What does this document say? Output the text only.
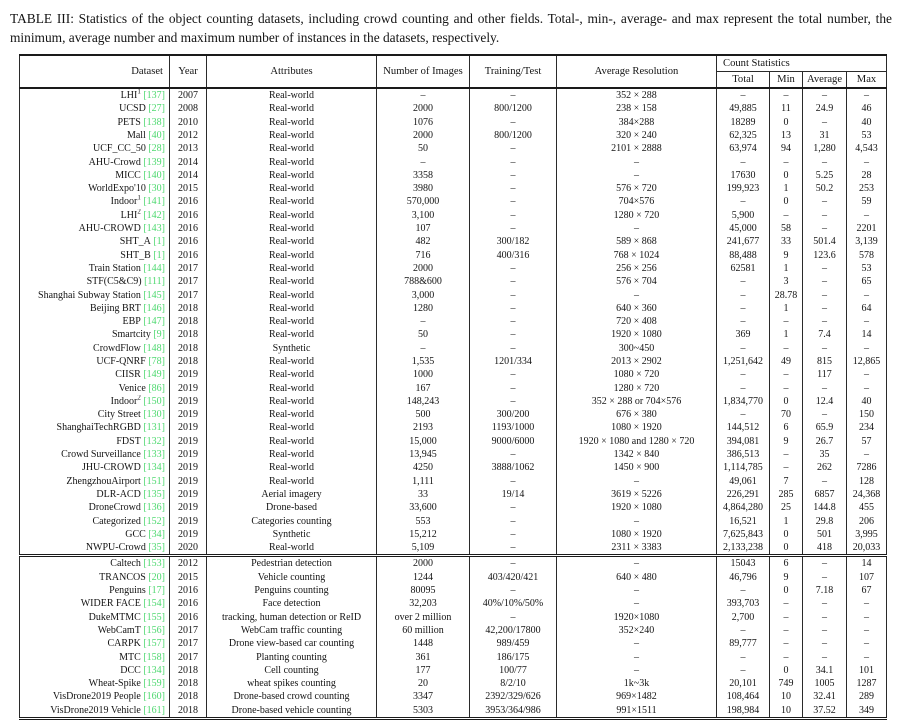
TABLE III: Statistics of the object counting datasets, including crowd counting and other fields. Total-, min-, average- and max represent the total number, the minimum, average number and maximum number of instances in the datasets, respectively.
Dataset	Year	Attributes	Number of Images	Training/Test	Average Resolution	Count Statistics			
						Total	Min	Average	Max
LHI$^1$ [137]	2007	Real-world	–	–	352 × 288	–	–	–	–
UCSD [27]	2008	Real-world	2000	800/1200	238 × 158	49,885	11	24.9	46
PETS [138]	2010	Real-world	1076	–	384×288	18289	0	–	40
Mall [40]	2012	Real-world	2000	800/1200	320 × 240	62,325	13	31	53
UCF_CC_50 [28]	2013	Real-world	50	–	2101 × 2888	63,974	94	1,280	4,543
AHU-Crowd [139]	2014	Real-world	–	–	–	–	–	–	–
MICC [140]	2014	Real-world	3358	–	–	17630	0	5.25	28
WorldExpo'10 [30]	2015	Real-world	3980	–	576 × 720	199,923	1	50.2	253
Indoor$^1$ [141]	2016	Real-world	570,000	–	704×576	–	0	–	59
LHI$^2$ [142]	2016	Real-world	3,100	–	1280 × 720	5,900	–	–	–
AHU-CROWD [143]	2016	Real-world	107	–	–	45,000	58	–	2201
SHT_A [1]	2016	Real-world	482	300/182	589 × 868	241,677	33	501.4	3,139
SHT_B [1]	2016	Real-world	716	400/316	768 × 1024	88,488	9	123.6	578
Train Station [144]	2017	Real-world	2000	–	256 × 256	62581	1	–	53
STF(C5&C9) [111]	2017	Real-world	788&600	–	576 × 704	–	3	–	65
Shanghai Subway Station [145]	2017	Real-world	3,000	–	–	–	28.78	–	–
Beijing BRT [146]	2018	Real-world	1280	–	640 × 360	–	1	–	64
EBP [147]	2018	Real-world	–	–	720 × 408	–	–	–	–
Smartcity [9]	2018	Real-world	50	–	1920 × 1080	369	1	7.4	14
CrowdFlow [148]	2018	Synthetic	–	–	300~450	–	–	–	–
UCF-QNRF [78]	2018	Real-world	1,535	1201/334	2013 × 2902	1,251,642	49	815	12,865
CIISR [149]	2019	Real-world	1000	–	1080 × 720	–	–	117	–
Venice [86]	2019	Real-world	167	–	1280 × 720	–	–	–	–
Indoor$^2$ [150]	2019	Real-world	148,243	–	352 × 288 or 704×576	1,834,770	0	12.4	40
City Street [130]	2019	Real-world	500	300/200	676 × 380	–	70	–	150
ShanghaiTechRGBD [131]	2019	Real-world	2193	1193/1000	1080 × 1920	144,512	6	65.9	234
FDST [132]	2019	Real-world	15,000	9000/6000	1920 × 1080 and 1280 × 720	394,081	9	26.7	57
Crowd Surveillance [133]	2019	Real-world	13,945	–	1342 × 840	386,513	–	35	–
JHU-CROWD [134]	2019	Real-world	4250	3888/1062	1450 × 900	1,114,785	–	262	7286
ZhengzhouAirport [151]	2019	Real-world	1,111	–	–	49,061	7	–	128
DLR-ACD [135]	2019	Aerial imagery	33	19/14	3619 × 5226	226,291	285	6857	24,368
DroneCrowd [136]	2019	Drone-based	33,600	–	1920 × 1080	4,864,280	25	144.8	455
Categorized [152]	2019	Categories counting	553	–	–	16,521	1	29.8	206
GCC [34]	2019	Synthetic	15,212	–	1080 × 1920	7,625,843	0	501	3,995
NWPU-Crowd [35]	2020	Real-world	5,109	–	2311 × 3383	2,133,238	0	418	20,033
Caltech [153]	2012	Pedestrian detection	2000	–	–	15043	6	–	14
TRANCOS [20]	2015	Vehicle counting	1244	403/420/421	640 × 480	46,796	9	–	107
Penguins [17]	2016	Penguins counting	80095	–	–	–	0	7.18	67
WIDER FACE [154]	2016	Face detection	32,203	40%/10%/50%	–	393,703	–	–	–
DukeMTMC [155]	2016	tracking, human detection or ReID	over 2 million	–	1920×1080	2,700	–	–	–
WebCamT [156]	2017	WebCam traffic counting	60 million	42,200/17800	352×240	–	–	–	–
CARPK [157]	2017	Drone view-based car counting	1448	989/459	–	89,777	–	–	–
MTC [158]	2017	Planting counting	361	186/175	–	–	–	–	–
DCC [134]	2018	Cell counting	177	100/77	–	–	0	34.1	101
Wheat-Spike [159]	2018	wheat spikes counting	20	8/2/10	1k~3k	20,101	749	1005	1287
VisDrone2019 People [160]	2018	Drone-based crowd counting	3347	2392/329/626	969×1482	108,464	10	32.41	289
VisDrone2019 Vehicle [161]	2018	Drone-based vehicle counting	5303	3953/364/986	991×1511	198,984	10	37.52	349
